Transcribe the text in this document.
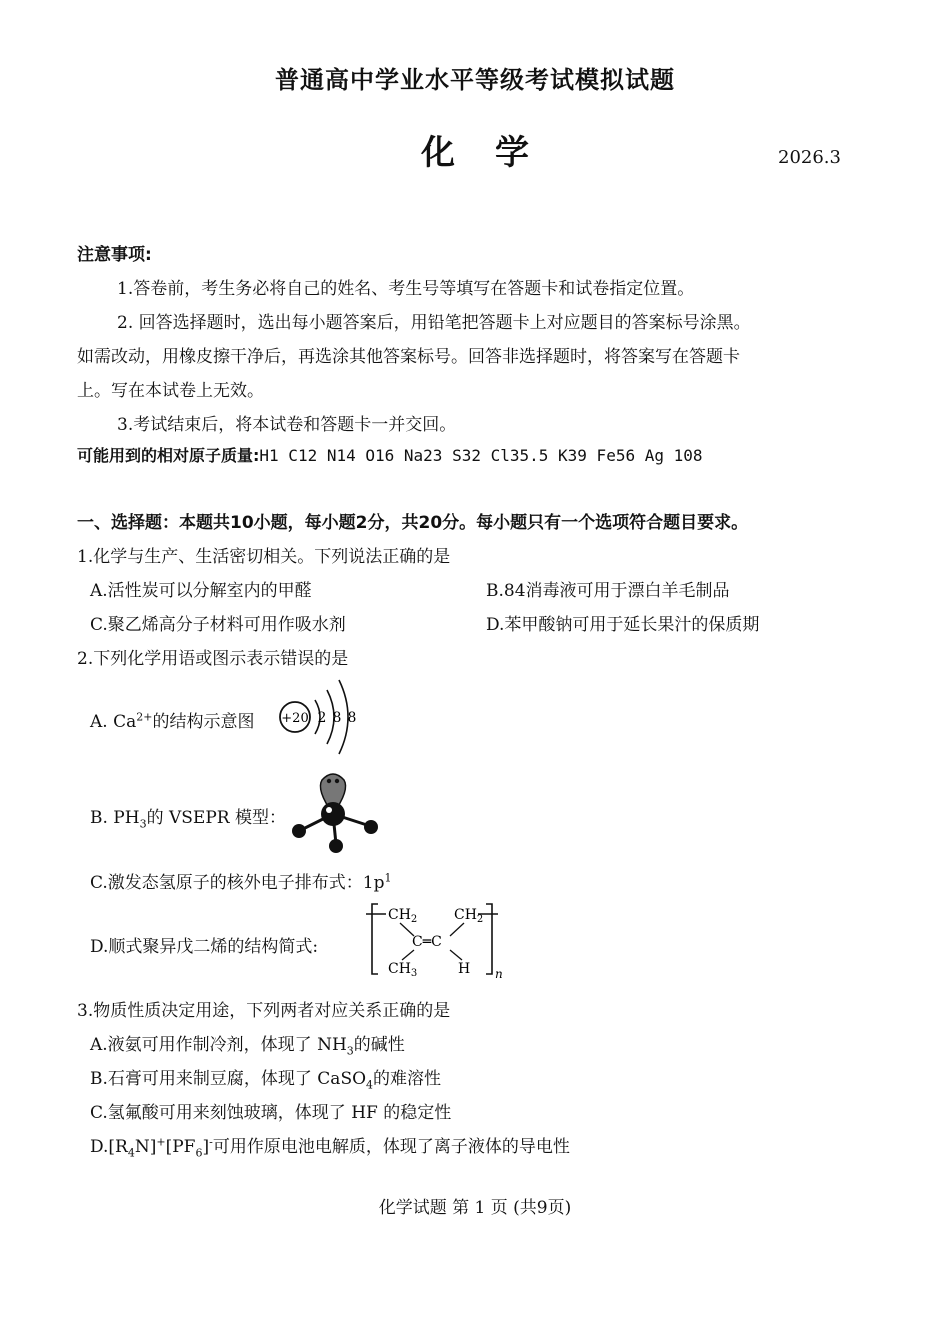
普通高中学业水平等级考试模拟试题
化学	2026.3
注意事项:
1.答卷前，考生务必将自己的姓名、考生号等填写在答题卡和试卷指定位置。
2. 回答选择题时，选出每小题答案后，用铅笔把答题卡上对应题目的答案标号涂黑。
如需改动，用橡皮擦干净后，再选涂其他答案标号。回答非选择题时，将答案写在答题卡
上。写在本试卷上无效。
3.考试结束后，将本试卷和答题卡一并交回。
可能用到的相对原子质量:H1 C12 N14 O16 Na23 S32 Cl35.5 K39 Fe56 Ag 108
一、选择题：本题共10小题，每小题2分，共20分。每小题只有一个选项符合题目要求。
1.化学与生产、生活密切相关。下列说法正确的是
A.活性炭可以分解室内的甲醛	B.84消毒液可用于漂白羊毛制品
C.聚乙烯高分子材料可用作吸水剂	D.苯甲酸钠可用于延长果汁的保质期
2.下列化学用语或图示表示错误的是
A. $Ca^{2+}$的结构示意图 +20 2 8 8
B. $PH_3$的 VSEPR 模型：
C.激发态氢原子的核外电子排布式：$1p^1$
D.顺式聚异戊二烯的结构简式:
$CH_2$	$CH_2$
C═C
$CH_3$	H n
3.物质性质决定用途，下列两者对应关系正确的是
A.液氨可用作制冷剂，体现了 $NH_3$的碱性
B.石膏可用来制豆腐，体现了 CaSO$_4$的难溶性
C.氢氟酸可用来刻蚀玻璃，体现了 HF 的稳定性
$D.[R_4N]^+[PF_6]^-$可用作原电池电解质，体现了离子液体的导电性
化学试题 第 1 页 (共9页)
